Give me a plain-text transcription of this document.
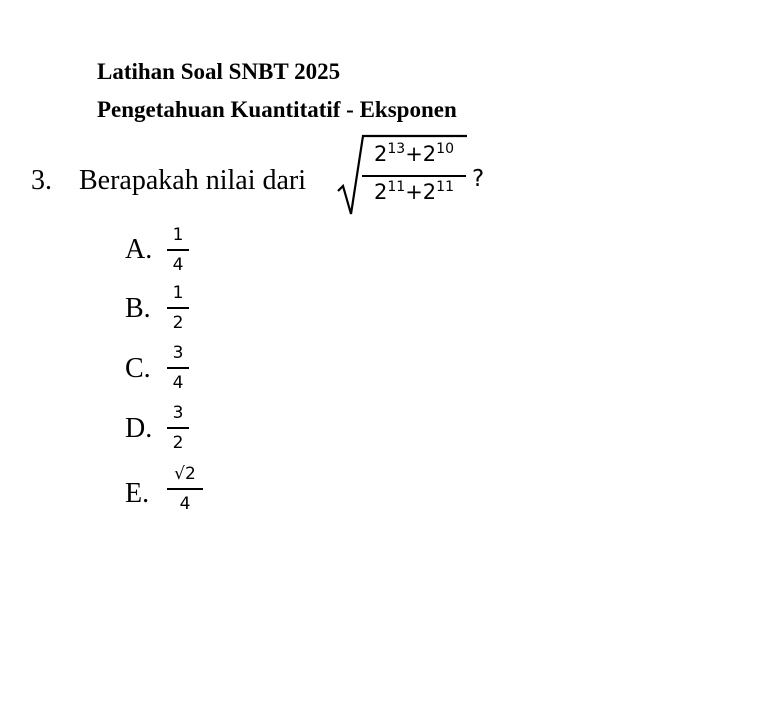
Latihan Soal SNBT 2025
Pengetahuan Kuantitatif - Eksponen
3. Berapakah nilai dari
$2^{13}+2^{10}$
$2^{11}+2^{11}$ ?
A.	1
4
B.	1
2
C.	3
4
D.	3
2
E.
√2
4
